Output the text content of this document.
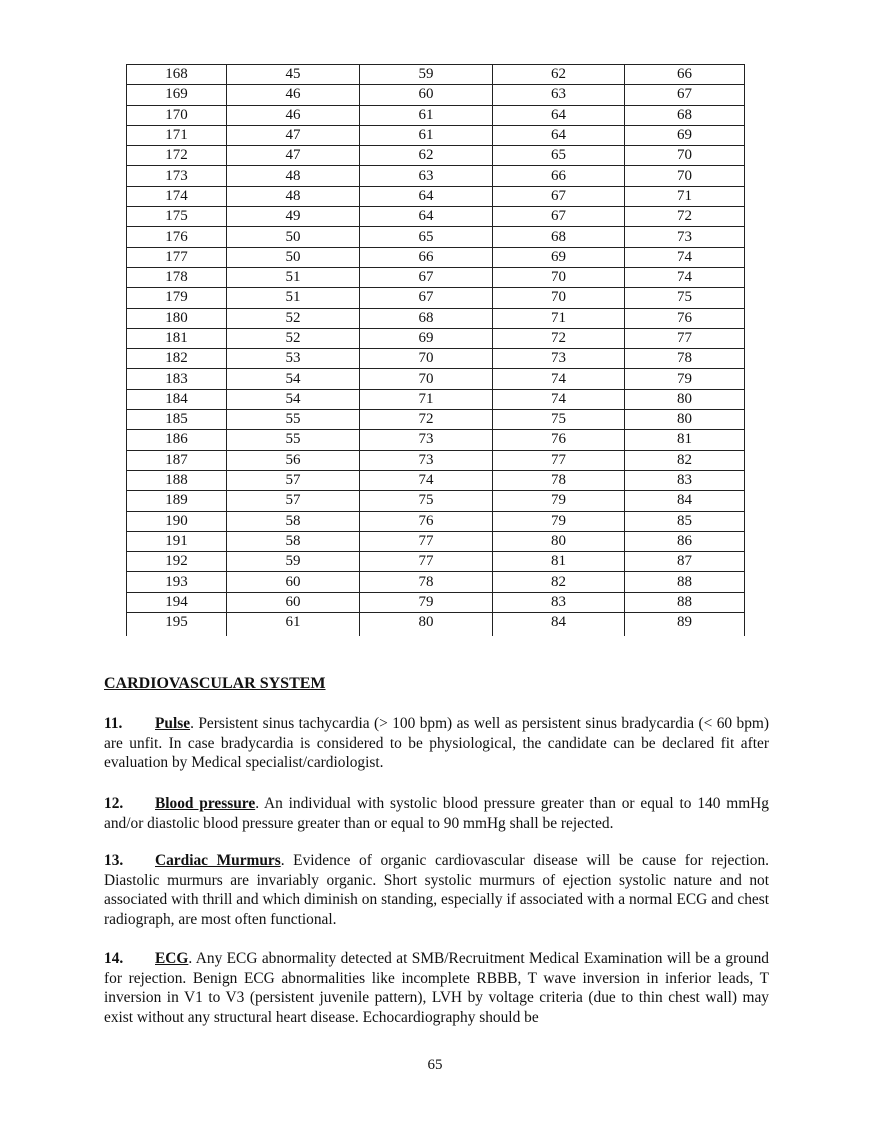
168	45	59	62	66
169	46	60	63	67
170	46	61	64	68
171	47	61	64	69
172	47	62	65	70
173	48	63	66	70
174	48	64	67	71
175	49	64	67	72
176	50	65	68	73
177	50	66	69	74
178	51	67	70	74
179	51	67	70	75
180	52	68	71	76
181	52	69	72	77
182	53	70	73	78
183	54	70	74	79
184	54	71	74	80
185	55	72	75	80
186	55	73	76	81
187	56	73	77	82
188	57	74	78	83
189	57	75	79	84
190	58	76	79	85
191	58	77	80	86
192	59	77	81	87
193	60	78	82	88
194	60	79	83	88
195	61	80	84	89
CARDIOVASCULAR SYSTEM
11. Pulse. Persistent sinus tachycardia (> 100 bpm) as well as persistent sinus bradycardia (< 60 bpm) are unfit. In case bradycardia is considered to be physiological, the candidate can be declared fit after evaluation by Medical specialist/cardiologist.
12. Blood pressure. An individual with systolic blood pressure greater than or equal to 140 mmHg and/or diastolic blood pressure greater than or equal to 90 mmHg shall be rejected.
13. Cardiac Murmurs. Evidence of organic cardiovascular disease will be cause for rejection. Diastolic murmurs are invariably organic. Short systolic murmurs of ejection systolic nature and not associated with thrill and which diminish on standing, especially if associated with a normal ECG and chest radiograph, are most often functional.
14. ECG. Any ECG abnormality detected at SMB/Recruitment Medical Examination will be a ground for rejection. Benign ECG abnormalities like incomplete RBBB, T wave inversion in inferior leads, T inversion in V1 to V3 (persistent juvenile pattern), LVH by voltage criteria (due to thin chest wall) may exist without any structural heart disease. Echocardiography should be
65
